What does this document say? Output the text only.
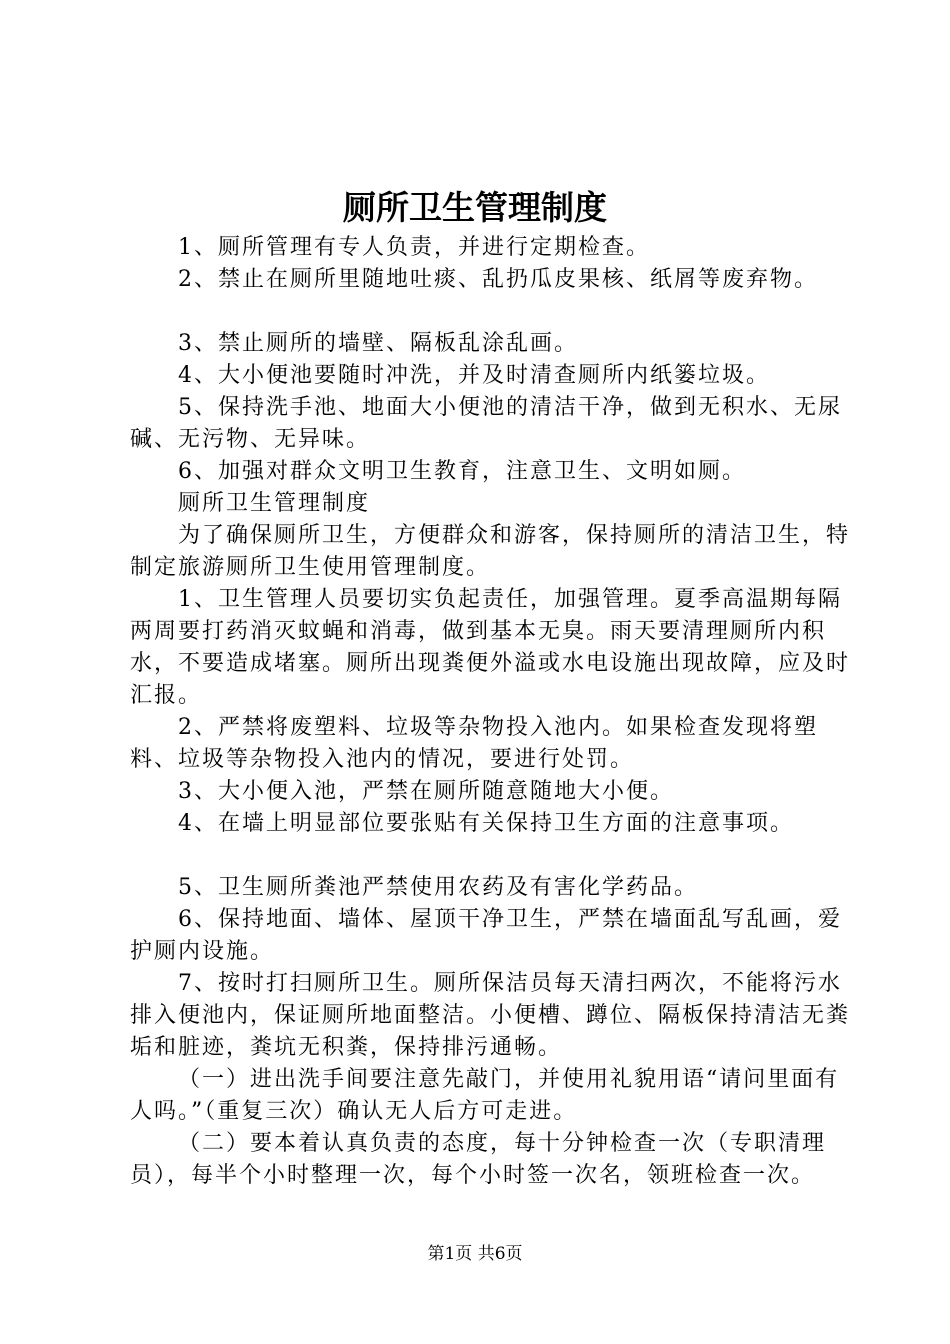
厕所卫生管理制度

1、厕所管理有专人负责，并进行定期检查。

2、禁止在厕所里随地吐痰、乱扔瓜皮果核、纸屑等废弃物。

3、禁止厕所的墙壁、隔板乱涂乱画。

4、大小便池要随时冲洗，并及时清查厕所内纸篓垃圾。

5、保持洗手池、地面大小便池的清洁干净，做到无积水、无尿碱、无污物、无异味。

6、加强对群众文明卫生教育，注意卫生、文明如厕。

厕所卫生管理制度

为了确保厕所卫生，方便群众和游客，保持厕所的清洁卫生，特制定旅游厕所卫生使用管理制度。

1、卫生管理人员要切实负起责任，加强管理。夏季高温期每隔两周要打药消灭蚊蝇和消毒，做到基本无臭。雨天要清理厕所内积水，不要造成堵塞。厕所出现粪便外溢或水电设施出现故障，应及时汇报。

2、严禁将废塑料、垃圾等杂物投入池内。如果检查发现将塑料、垃圾等杂物投入池内的情况，要进行处罚。

3、大小便入池，严禁在厕所随意随地大小便。

4、在墙上明显部位要张贴有关保持卫生方面的注意事项。

5、卫生厕所粪池严禁使用农药及有害化学药品。

6、保持地面、墙体、屋顶干净卫生，严禁在墙面乱写乱画，爱护厕内设施。

7、按时打扫厕所卫生。厕所保洁员每天清扫两次，不能将污水排入便池内，保证厕所地面整洁。小便槽、蹲位、隔板保持清洁无粪垢和脏迹，粪坑无积粪，保持排污通畅。

（一）进出洗手间要注意先敲门，并使用礼貌用语“请问里面有人吗。”（重复三次）确认无人后方可走进。

（二）要本着认真负责的态度，每十分钟检查一次（专职清理员），每半个小时整理一次，每个小时签一次名，领班检查一次。

第1页 共6页
